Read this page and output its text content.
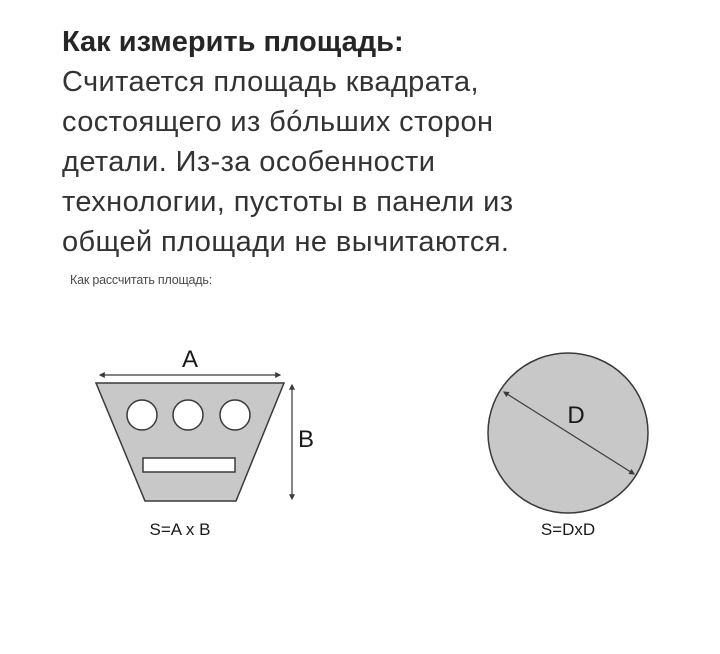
Как измерить площадь:

Считается площадь квадрата,

состоящего из бóльших сторон

детали. Из-за особенности

технологии, пустоты в панели из

общей площади не вычитаются.

Как рассчитать площадь:
A
B
S=A x B
D
S=DxD
